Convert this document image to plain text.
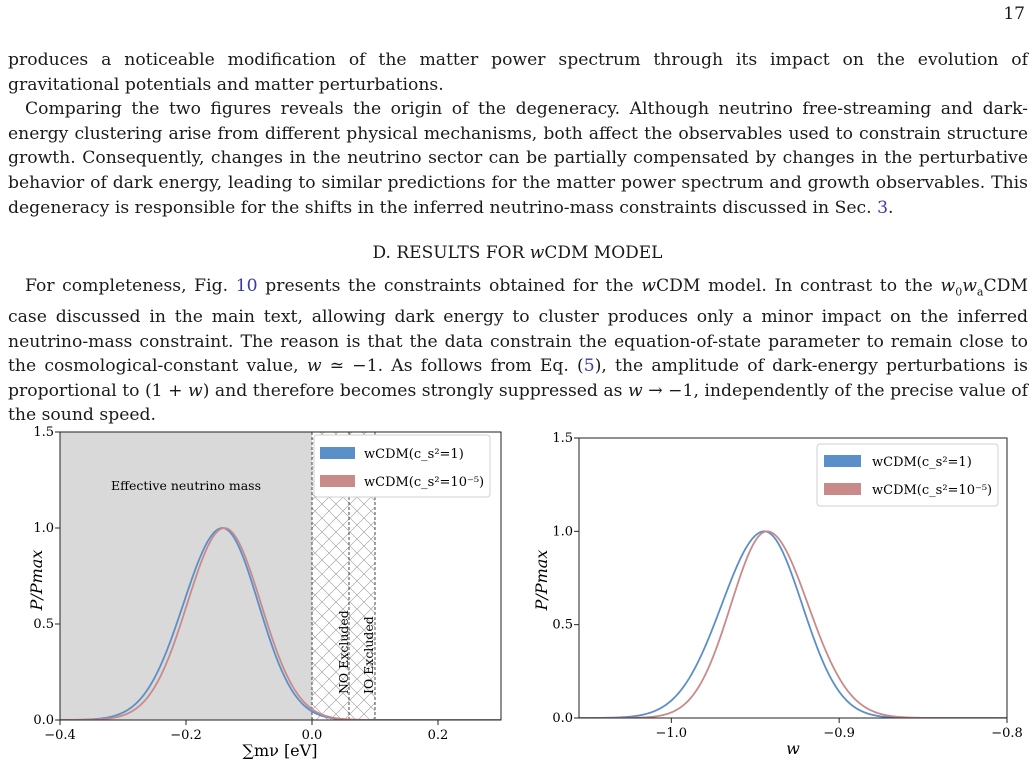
17

produces a noticeable modification of the matter power spectrum through its impact on the evolution of gravitational potentials and matter perturbations.

Comparing the two figures reveals the origin of the degeneracy. Although neutrino free-streaming and dark-energy clustering arise from different physical mechanisms, both affect the observables used to constrain structure growth. Consequently, changes in the neutrino sector can be partially compensated by changes in the perturbative behavior of dark energy, leading to similar predictions for the matter power spectrum and growth observables. This degeneracy is responsible for the shifts in the inferred neutrino-mass constraints discussed in Sec. 3.

D. RESULTS FOR wCDM MODEL

For completeness, Fig. 10 presents the constraints obtained for the wCDM model. In contrast to the $w_0w_aCDM$ case discussed in the main text, allowing dark energy to cluster produces only a minor impact on the inferred neutrino-mass constraint. The reason is that the data constrain the equation-of-state parameter to remain close to the cosmological-constant value, w ≃ −1. As follows from Eq. (5), the amplitude of dark-energy perturbations is proportional to (1 + w) and therefore becomes strongly suppressed as w → −1, independently of the precise value of the sound speed.

Effective neutrino mass
NO Excluded IO Excluded
−0.4	−0.2	0.0	0.2
0.0
0.5
1.0
1.5
wCDM(c_s²=1)
wCDM(c_s²=10⁻⁵)
P/Pmax
∑mν [eV]
−1.0	−0.9	−0.8
0.0
0.5
1.0
1.5
wCDM(c_s²=1)
wCDM(c_s²=10⁻⁵)
P/Pmax
w
